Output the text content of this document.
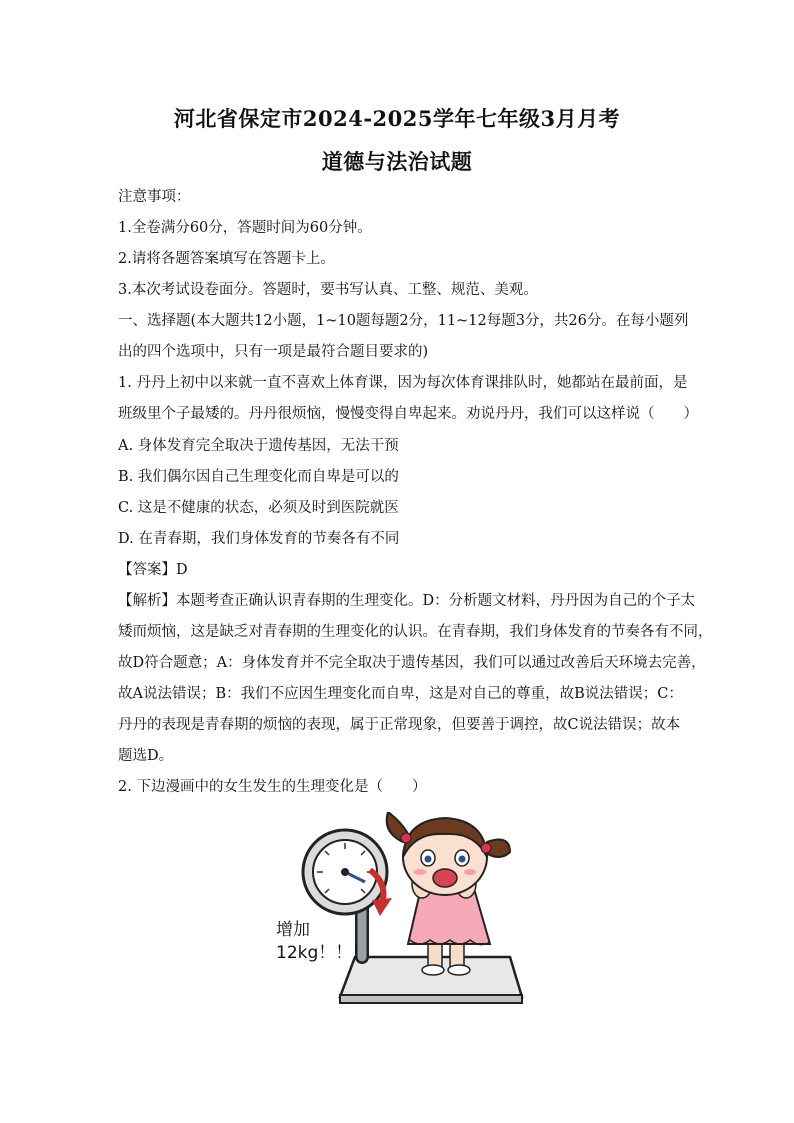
河北省保定市2024-2025学年七年级3月月考
道德与法治试题
注意事项：
1.全卷满分60分，答题时间为60分钟。
2.请将各题答案填写在答题卡上。
3.本次考试设卷面分。答题时，要书写认真、工整、规范、美观。
一、选择题(本大题共12小题，1~10题每题2分，11~12每题3分，共26分。在每小题列
出的四个选项中，只有一项是最符合题目要求的)
1. 丹丹上初中以来就一直不喜欢上体育课，因为每次体育课排队时，她都站在最前面，是
班级里个子最矮的。丹丹很烦恼，慢慢变得自卑起来。劝说丹丹，我们可以这样说（　　）
A. 身体发育完全取决于遗传基因，无法干预
B. 我们偶尔因自己生理变化而自卑是可以的
C. 这是不健康的状态，必须及时到医院就医
D. 在青春期，我们身体发育的节奏各有不同
【答案】D
【解析】本题考查正确认识青春期的生理变化。D：分析题文材料，丹丹因为自己的个子太
矮而烦恼，这是缺乏对青春期的生理变化的认识。在青春期，我们身体发育的节奏各有不同，
故D符合题意；A：身体发育并不完全取决于遗传基因，我们可以通过改善后天环境去完善，
故A说法错误；B：我们不应因生理变化而自卑，这是对自己的尊重，故B说法错误；C：
丹丹的表现是青春期的烦恼的表现，属于正常现象，但要善于调控，故C说法错误；故本
题选D。
2. 下边漫画中的女生发生的生理变化是（　　）
增加
12kg！！！
